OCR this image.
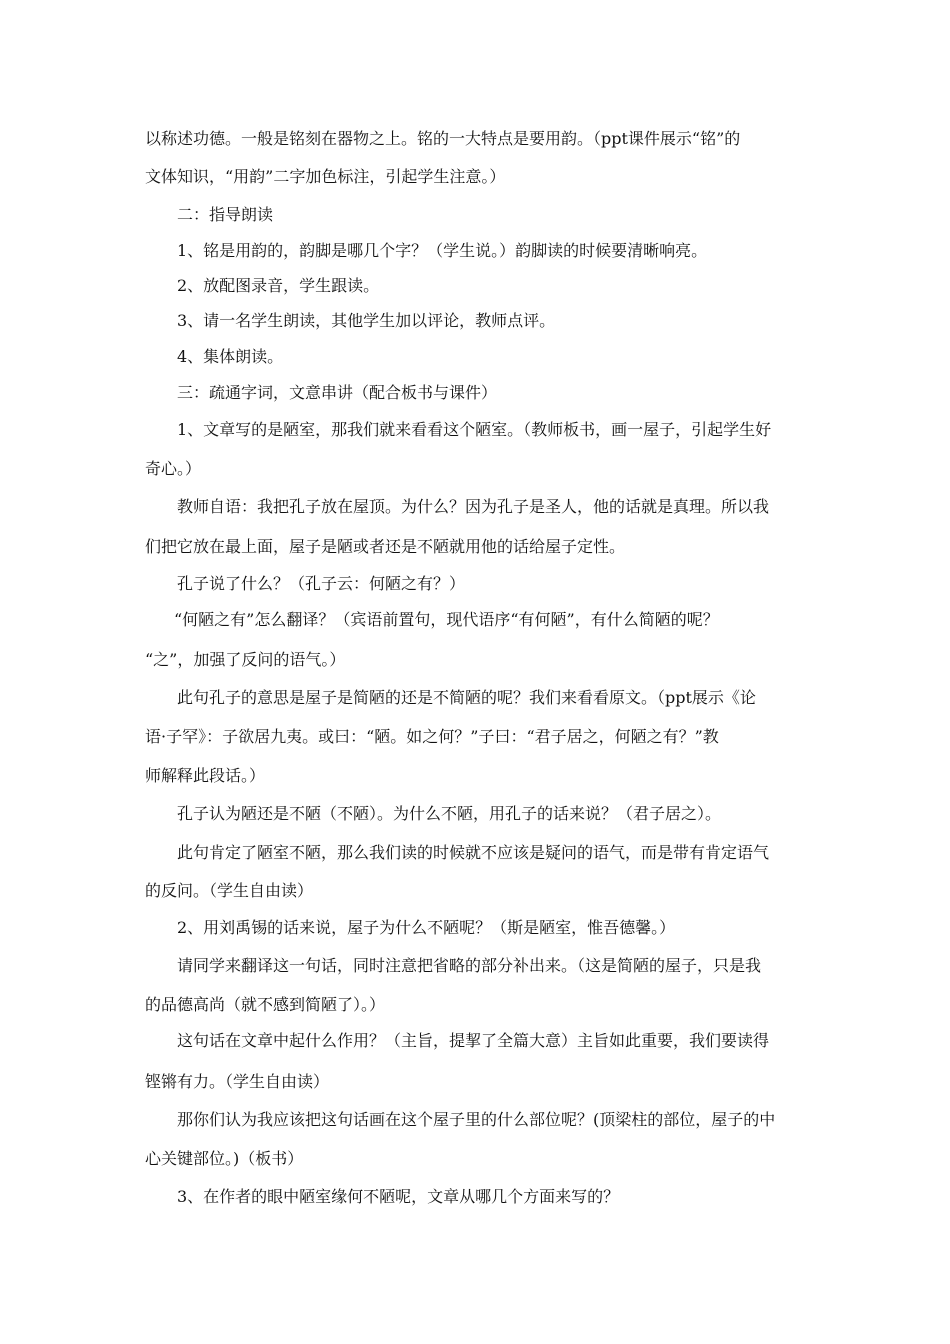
以称述功德。一般是铭刻在器物之上。铭的一大特点是要用韵。（ppt课件展示“铭”的
文体知识，“用韵”二字加色标注，引起学生注意。）
二：指导朗读
1、铭是用韵的，韵脚是哪几个字？（学生说。）韵脚读的时候要清晰响亮。
2、放配图录音，学生跟读。
3、请一名学生朗读，其他学生加以评论，教师点评。
4、集体朗读。
三：疏通字词，文意串讲（配合板书与课件）
1、文章写的是陋室，那我们就来看看这个陋室。（教师板书，画一屋子，引起学生好
奇心。）
教师自语：我把孔子放在屋顶。为什么？因为孔子是圣人，他的话就是真理。所以我
们把它放在最上面，屋子是陋或者还是不陋就用他的话给屋子定性。
孔子说了什么？（孔子云：何陋之有？）
“何陋之有”怎么翻译？（宾语前置句，现代语序“有何陋”，有什么简陋的呢？
“之”，加强了反问的语气。）
此句孔子的意思是屋子是简陋的还是不简陋的呢？我们来看看原文。（ppt展示《论
语·子罕》：子欲居九夷。或曰：“陋。如之何？”子曰：“君子居之，何陋之有？”教
师解释此段话。）
孔子认为陋还是不陋（不陋）。为什么不陋，用孔子的话来说？（君子居之）。
此句肯定了陋室不陋，那么我们读的时候就不应该是疑问的语气，而是带有肯定语气
的反问。（学生自由读）
2、用刘禹锡的话来说，屋子为什么不陋呢？（斯是陋室，惟吾德馨。）
请同学来翻译这一句话，同时注意把省略的部分补出来。（这是简陋的屋子，只是我
的品德高尚（就不感到简陋了）。）
这句话在文章中起什么作用？（主旨，提挈了全篇大意）主旨如此重要，我们要读得
铿锵有力。（学生自由读）
那你们认为我应该把这句话画在这个屋子里的什么部位呢？(顶梁柱的部位，屋子的中
心关键部位。)（板书）
3、在作者的眼中陋室缘何不陋呢，文章从哪几个方面来写的？
